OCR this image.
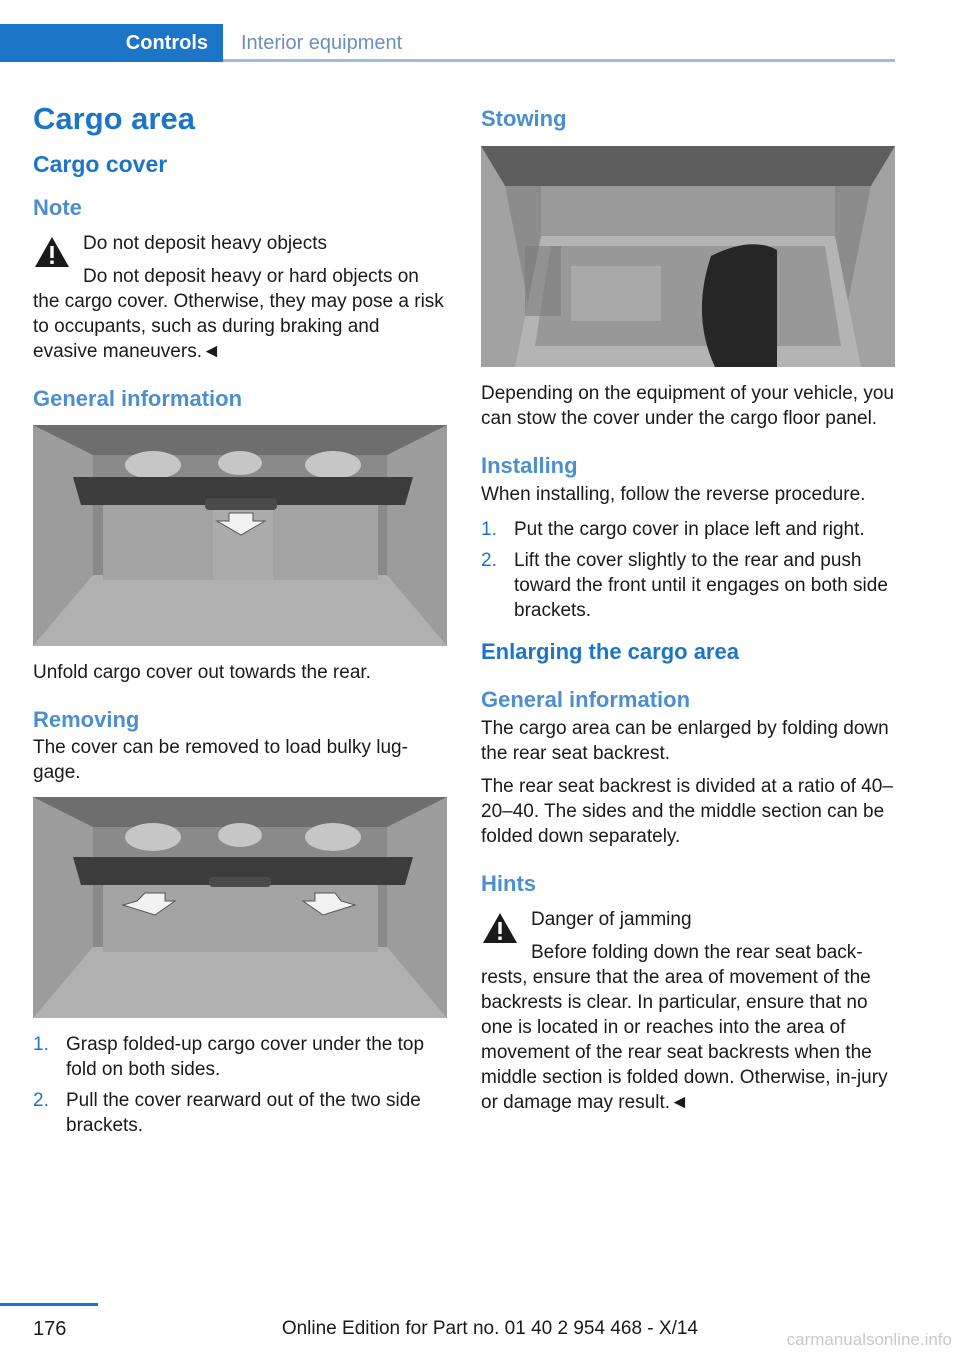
Controls	Interior equipment
Cargo area
Cargo cover
Note
Do not deposit heavy objects
Do not deposit heavy or hard objects on the cargo cover. Otherwise, they may pose a risk to occupants, such as during braking and evasive maneuvers.◄
General information
Unfold cargo cover out towards the rear.
Removing
The cover can be removed to load bulky lug-gage.
1. Grasp folded-up cargo cover under the top fold on both sides.
2. Pull the cover rearward out of the two side brackets.
Stowing
Depending on the equipment of your vehicle, you can stow the cover under the cargo floor panel.
Installing
When installing, follow the reverse procedure.
1. Put the cargo cover in place left and right.
2. Lift the cover slightly to the rear and push toward the front until it engages on both side brackets.
Enlarging the cargo area
General information
The cargo area can be enlarged by folding down the rear seat backrest.
The rear seat backrest is divided at a ratio of 40–20–40. The sides and the middle section can be folded down separately.
Hints
Danger of jamming
Before folding down the rear seat back-rests, ensure that the area of movement of the backrests is clear. In particular, ensure that no one is located in or reaches into the area of movement of the rear seat backrests when the middle section is folded down. Otherwise, in-jury or damage may result.◄
176	Online Edition for Part no. 01 40 2 954 468 - X/14
carmanualsonline.info
